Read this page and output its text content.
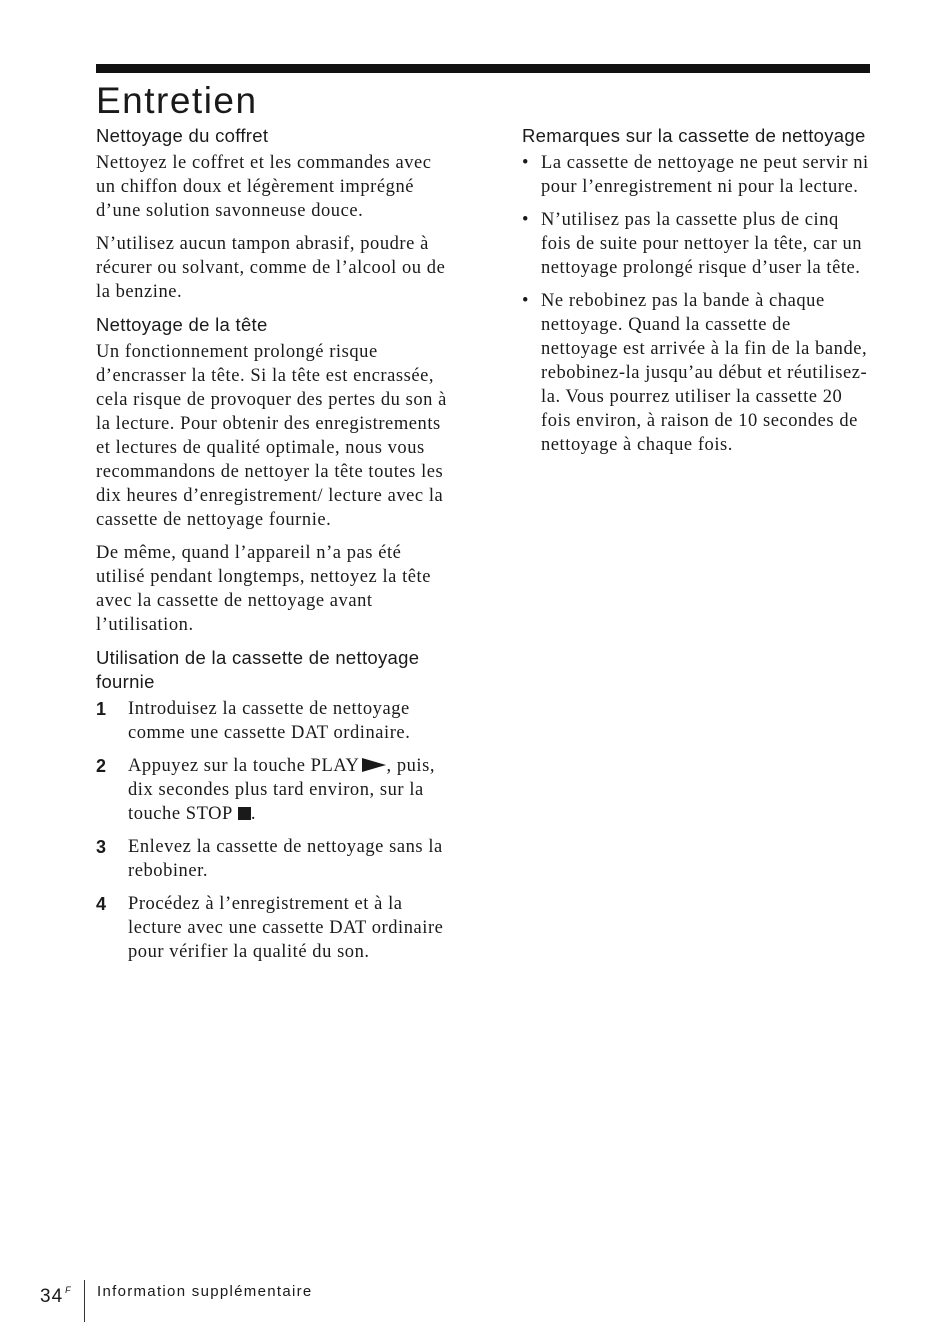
Entretien
Nettoyage du coffret

Nettoyez le coffret et les commandes avec un chiffon doux et légèrement imprégné d’une solution savonneuse douce.

N’utilisez aucun tampon abrasif, poudre à récurer ou solvant, comme de l’alcool ou de la benzine.

Nettoyage de la tête

Un fonctionnement prolongé risque d’encrasser la tête. Si la tête est encrassée, cela risque de provoquer des pertes du son à la lecture. Pour obtenir des enregistrements et lectures de qualité optimale, nous vous recommandons de nettoyer la tête toutes les dix heures d’enregistrement/ lecture avec la cassette de nettoyage fournie.

De même, quand l’appareil n’a pas été utilisé pendant longtemps, nettoyez la tête avec la cassette de nettoyage avant l’utilisation.

Utilisation de la cassette de nettoyage fournie
1	Introduisez la cassette de nettoyage comme une cassette DAT ordinaire.
2	Appuyez sur la touche PLAY , puis, dix secondes plus tard environ, sur la touche STOP .
3	Enlevez la cassette de nettoyage sans la rebobiner.
4	Procédez à l’enregistrement et à la lecture avec une cassette DAT ordinaire pour vérifier la qualité du son.
Remarques sur la cassette de nettoyage
• La cassette de nettoyage ne peut servir ni pour l’enregistrement ni pour la lecture.
• N’utilisez pas la cassette plus de cinq fois de suite pour nettoyer la tête, car un nettoyage prolongé risque d’user la tête.
• Ne rebobinez pas la bande à chaque nettoyage. Quand la cassette de nettoyage est arrivée à la fin de la bande, rebobinez-la jusqu’au début et réutilisez-la. Vous pourrez utiliser la cassette 20 fois environ, à raison de 10 secondes de nettoyage à chaque fois.
34 $^F$ Information supplémentaire
